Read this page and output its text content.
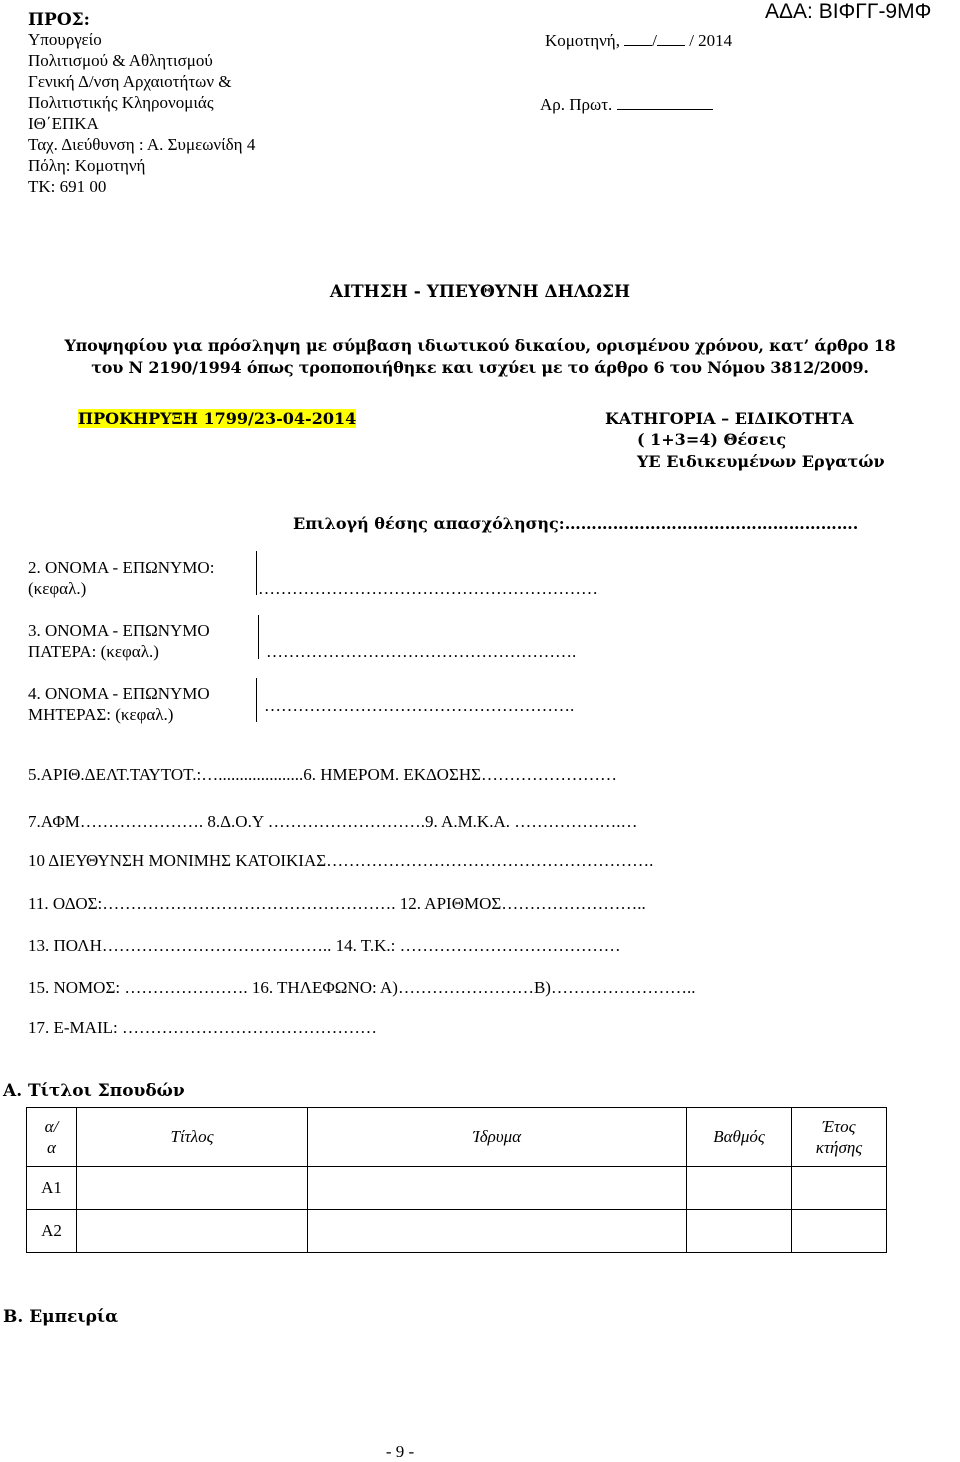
ΠΡΟΣ:
Υπουργείο
Πολιτισμού & Αθλητισμού
Γενική Δ/νση Αρχαιοτήτων &
Πολιτιστικής Κληρονομιάς
ΙΘ΄ΕΠΚΑ
Ταχ. Διεύθυνση : Α. Συμεωνίδη 4
Πόλη: Κομοτηνή
ΤΚ: 691 00
Κομοτηνή, / / 2014
ΑΔΑ: ΒΙΦΓΓ-9ΜΦ
Αρ. Πρωτ.
ΑΙΤΗΣΗ - ΥΠΕΥΘΥΝΗ ΔΗΛΩΣΗ
Υποψηφίου για πρόσληψη με σύμβαση ιδιωτικού δικαίου, ορισμένου χρόνου, κατ’ άρθρο 18
του Ν 2190/1994 όπως τροποποιήθηκε και ισχύει με το άρθρο 6 του Νόμου 3812/2009.
ΠΡΟΚΗΡΥΞΗ 1799/23-04-2014	ΚΑΤΗΓΟΡΙΑ – ΕΙΔΙΚΟΤΗΤΑ
( 1+3=4) Θέσεις
ΥΕ Ειδικευμένων Εργατών
Επιλογή θέσης απασχόλησης:……………………………………………….
2. ΟΝΟΜΑ - ΕΠΩΝΥΜΟ:
(κεφαλ.)	……………………………………………………
3. ΟΝΟΜΑ - ΕΠΩΝΥΜΟ
ΠΑΤΕΡΑ: (κεφαλ.)	……………………………………………….
4. ΟΝΟΜΑ - ΕΠΩΝΥΜΟ
ΜΗΤΕΡΑΣ: (κεφαλ.)	……………………………………………….
5.ΑΡΙΘ.ΔΕΛΤ.ΤΑΥΤΟΤ.:…....................6. ΗΜΕΡΟΜ. ΕΚΔΟΣΗΣ……………………
7.ΑΦΜ…………………. 8.Δ.Ο.Υ ……………………….9. Α.Μ.Κ.Α. ……………….…
10 ΔΙΕΥΘΥΝΣΗ ΜΟΝΙΜΗΣ ΚΑΤΟΙΚΙΑΣ………………………………………………….
11. ΟΔΟΣ:……………………………………………. 12. ΑΡΙΘΜΟΣ……………………..
13. ΠΟΛΗ………………………………….. 14. Τ.Κ.: …………………………………
15. ΝΟΜΟΣ: …………………. 16. ΤΗΛΕΦΩΝΟ: Α)……………………Β)……………………..
17. E-MAIL: ………………………………………
Α. Τίτλοι Σπουδών
α/
α	Τίτλος	Ίδρυμα	Βαθμός	Έτος
κτήσης
Α1				
Α2				
Β. Εμπειρία
- 9 -
